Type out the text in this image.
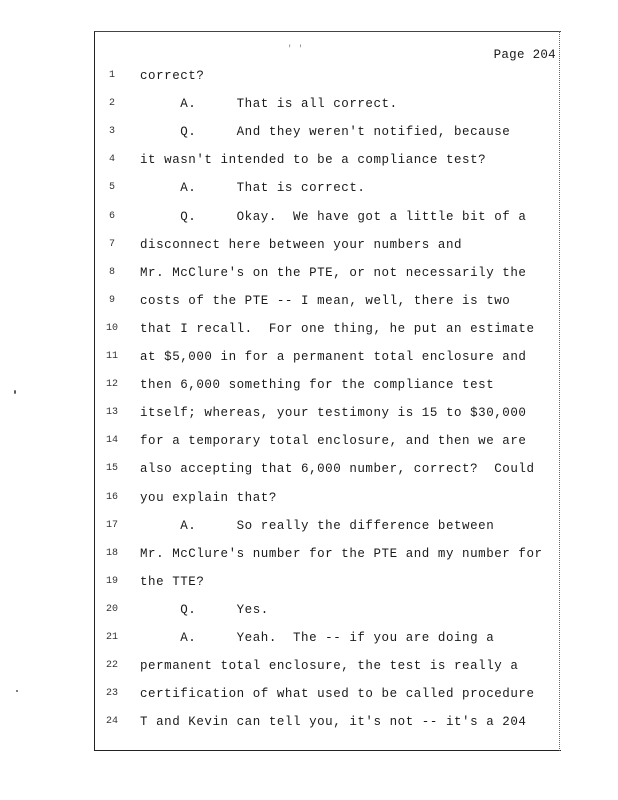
' '	Page 204
1	correct?
2	A.     That is all correct.
3	Q.     And they weren't notified, because
4	it wasn't intended to be a compliance test?
5	A.     That is correct.
6	Q.     Okay.  We have got a little bit of a
7	disconnect here between your numbers and
8	Mr. McClure's on the PTE, or not necessarily the
9	costs of the PTE -- I mean, well, there is two
10	that I recall.  For one thing, he put an estimate
11	at $5,000 in for a permanent total enclosure and
12	then 6,000 something for the compliance test
13	itself; whereas, your testimony is 15 to $30,000
14	for a temporary total enclosure, and then we are
15	also accepting that 6,000 number, correct?  Could
16	you explain that?
17	A.     So really the difference between
18	Mr. McClure's number for the PTE and my number for
19	the TTE?
20	Q.     Yes.
21	A.     Yeah.  The -- if you are doing a
22	permanent total enclosure, the test is really a
23	certification of what used to be called procedure
24	T and Kevin can tell you, it's not -- it's a 204
